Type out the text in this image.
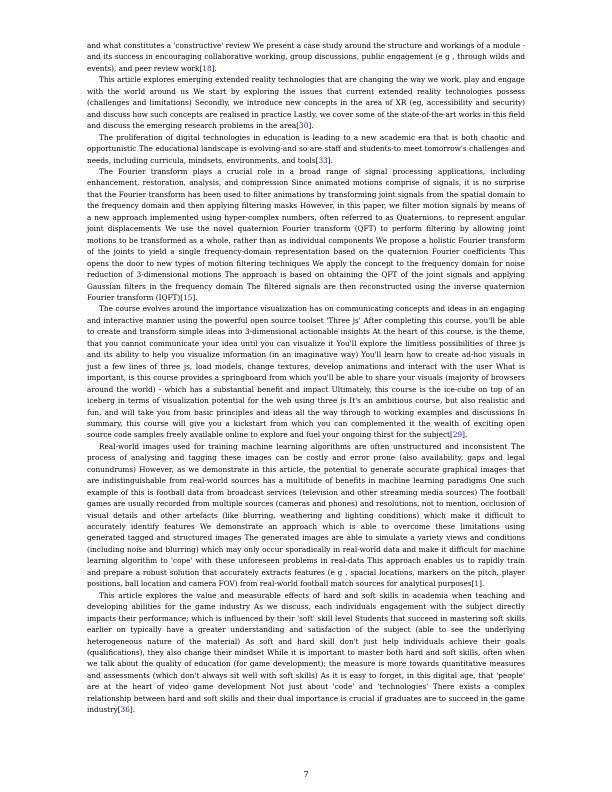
and what constitutes a 'constructive' review We present a case study around the structure and workings of a module - and its success in encouraging collaborative working, group discussions, public engagement (e g , through wilds and events), and peer review work[18].

This article explores emerging extended reality technologies that are changing the way we work, play and engage with the world around us We start by exploring the issues that current extended reality technologies possess (challenges and limitations) Secondly, we introduce new concepts in the area of XR (eg, accessibility and security) and discuss how such concepts are realised in practice Lastly, we cover some of the state-of-the-art works in this field and discuss the emerging research problems in the area[30].

The proliferation of digital technologies in education is leading to a new academic era that is both chaotic and opportunistic The educational landscape is evolving-and so are staff and students-to meet tomorrow's challenges and needs, including curricula, mindsets, environments, and tools[33].

The Fourier transform plays a crucial role in a broad range of signal processing applications, including enhancement, restoration, analysis, and compression Since animated motions comprise of signals, it is no surprise that the Fourier transform has been used to filter animations by transforming joint signals from the spatial domain to the frequency domain and then applying filtering masks However, in this paper, we filter motion signals by means of a new approach implemented using hyper-complex numbers, often referred to as Quaternions, to represent angular joint displacements We use the novel quaternion Fourier transform (QFT) to perform filtering by allowing joint motions to be transformed as a whole, rather than as individual components We propose a holistic Fourier transform of the joints to yield a single frequency-domain representation based on the quaternion Fourier coefficients This opens the door to new types of motion filtering techniques We apply the concept to the frequency domain for noise reduction of 3-dimensional motions The approach is based on obtaining the QFT of the joint signals and applying Gaussian filters in the frequency domain The filtered signals are then reconstructed using the inverse quaternion Fourier transform (IQFT)[15].

The course evolves around the importance visualization has on communicating concepts and ideas in an engaging and interactive manner using the powerful open source toolset 'Three js' After completing this course, you'll be able to create and transform simple ideas into 3-dimensional actionable insights At the heart of this course, is the theme, that you cannot communicate your idea until you can visualize it You'll explore the limitless possibilities of three js and its ability to help you visualize information (in an imaginative way) You'll learn how to create ad-hoc visuals in just a few lines of three js, load models, change textures, develop animations and interact with the user What is important, is this course provides a springboard from which you'll be able to share your visuals (majority of browsers around the world) - which has a substantial benefit and impact Ultimately, this course is the ice-cube on top of an iceberg in terms of visualization potential for the web using three js It's an ambitious course, but also realistic and fun, and will take you from basic principles and ideas all the way through to working examples and discussions In summary, this course will give you a kickstart from which you can complemented it the wealth of exciting open source code samples freely available online to explore and fuel your ongoing thirst for the subject[29].

Real-world images used for training machine learning algorithms are often unstructured and inconsistent The process of analysing and tagging these images can be costly and error prone (also availability, gaps and legal conundrums) However, as we demonstrate in this article, the potential to generate accurate graphical images that are indistinguishable from real-world sources has a multitude of benefits in machine learning paradigms One such example of this is football data from broadcast services (television and other streaming media sources) The football games are usually recorded from multiple sources (cameras and phones) and resolutions, not to mention, occlusion of visual details and other artefacts (like blurring, weathering and lighting conditions) which make it difficult to accurately identify features We demonstrate an approach which is able to overcome these limitations using generated tagged and structured images The generated images are able to simulate a variety views and conditions (including noise and blurring) which may only occur sporadically in real-world data and make it difficult for machine learning algorithm to 'cope' with these unforeseen problems in real-data This approach enables us to rapidly train and prepare a robust solution that accurately extracts features (e g , spacial locations, markers on the pitch, player positions, ball location and camera FOV) from real-world football match sources for analytical purposes[1].

This article explores the value and measurable effects of hard and soft skills in academia when teaching and developing abilities for the game industry As we discuss, each individuals engagement with the subject directly impacts their performance; which is influenced by their 'soft' skill level Students that succeed in mastering soft skills earlier on typically have a greater understanding and satisfaction of the subject (able to see the underlying heterogeneous nature of the material) As soft and hard skill don't just help individuals achieve their goals (qualifications), they also change their mindset While it is important to master both hard and soft skills, often when we talk about the quality of education (for game development); the measure is more towards quantitative measures and assessments (which don't always sit well with soft skills) As it is easy to forget, in this digital age, that 'people' are at the heart of video game development Not just about 'code' and 'technologies' There exists a complex relationship between hard and soft skills and their dual importance is crucial if graduates are to succeed in the game industry[36].

7
